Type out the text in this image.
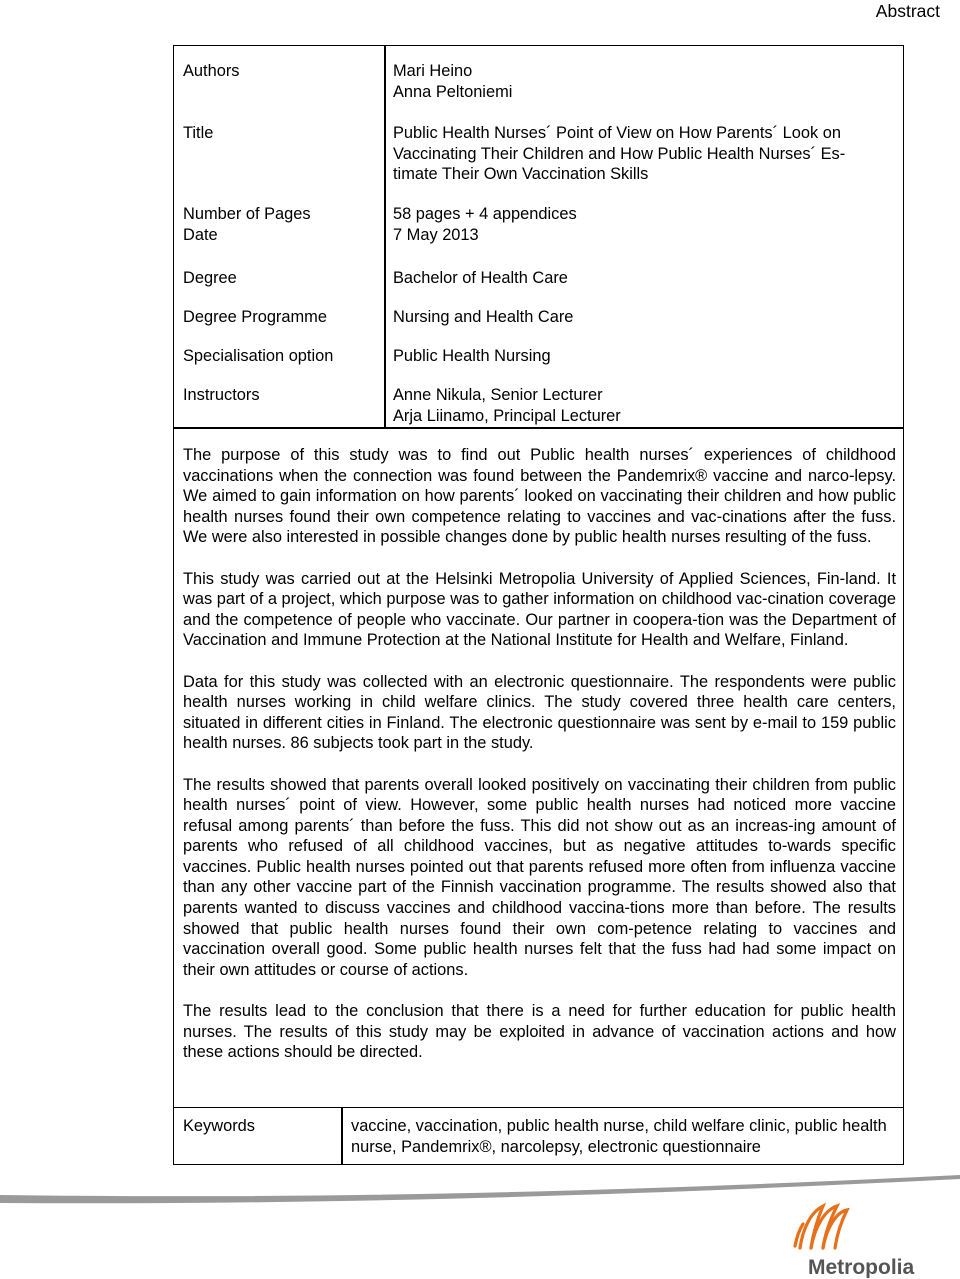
Abstract
Authors	Mari Heino
Anna Peltoniemi
Title	Public Health Nurses´ Point of View on How Parents´ Look on
Vaccinating Their Children and How Public Health Nurses´ Es-
timate Their Own Vaccination Skills
Number of Pages	58 pages + 4 appendices
Date	7 May 2013
Degree	Bachelor of Health Care
Degree Programme	Nursing and Health Care
Specialisation option	Public Health Nursing
Instructors	Anne Nikula, Senior Lecturer
Arja Liinamo, Principal Lecturer

The purpose of this study was to find out Public health nurses´ experiences of childhood vaccinations when the connection was found between the Pandemrix® vaccine and narco-lepsy. We aimed to gain information on how parents´ looked on vaccinating their children and how public health nurses found their own competence relating to vaccines and vac-cinations after the fuss. We were also interested in possible changes done by public health nurses resulting of the fuss.

This study was carried out at the Helsinki Metropolia University of Applied Sciences, Fin-land. It was part of a project, which purpose was to gather information on childhood vac-cination coverage and the competence of people who vaccinate. Our partner in coopera-tion was the Department of Vaccination and Immune Protection at the National Institute for Health and Welfare, Finland.

Data for this study was collected with an electronic questionnaire. The respondents were public health nurses working in child welfare clinics. The study covered three health care centers, situated in different cities in Finland. The electronic questionnaire was sent by e-mail to 159 public health nurses. 86 subjects took part in the study.

The results showed that parents overall looked positively on vaccinating their children from public health nurses´ point of view. However, some public health nurses had noticed more vaccine refusal among parents´ than before the fuss. This did not show out as an increas-ing amount of parents who refused of all childhood vaccines, but as negative attitudes to-wards specific vaccines. Public health nurses pointed out that parents refused more often from influenza vaccine than any other vaccine part of the Finnish vaccination programme. The results showed also that parents wanted to discuss vaccines and childhood vaccina-tions more than before. The results showed that public health nurses found their own com-petence relating to vaccines and vaccination overall good. Some public health nurses felt that the fuss had had some impact on their own attitudes or course of actions.

The results lead to the conclusion that there is a need for further education for public health nurses. The results of this study may be exploited in advance of vaccination actions and how these actions should be directed.

Keywords	vaccine, vaccination, public health nurse, child welfare clinic, public health nurse, Pandemrix®, narcolepsy, electronic questionnaire
Metropolia
